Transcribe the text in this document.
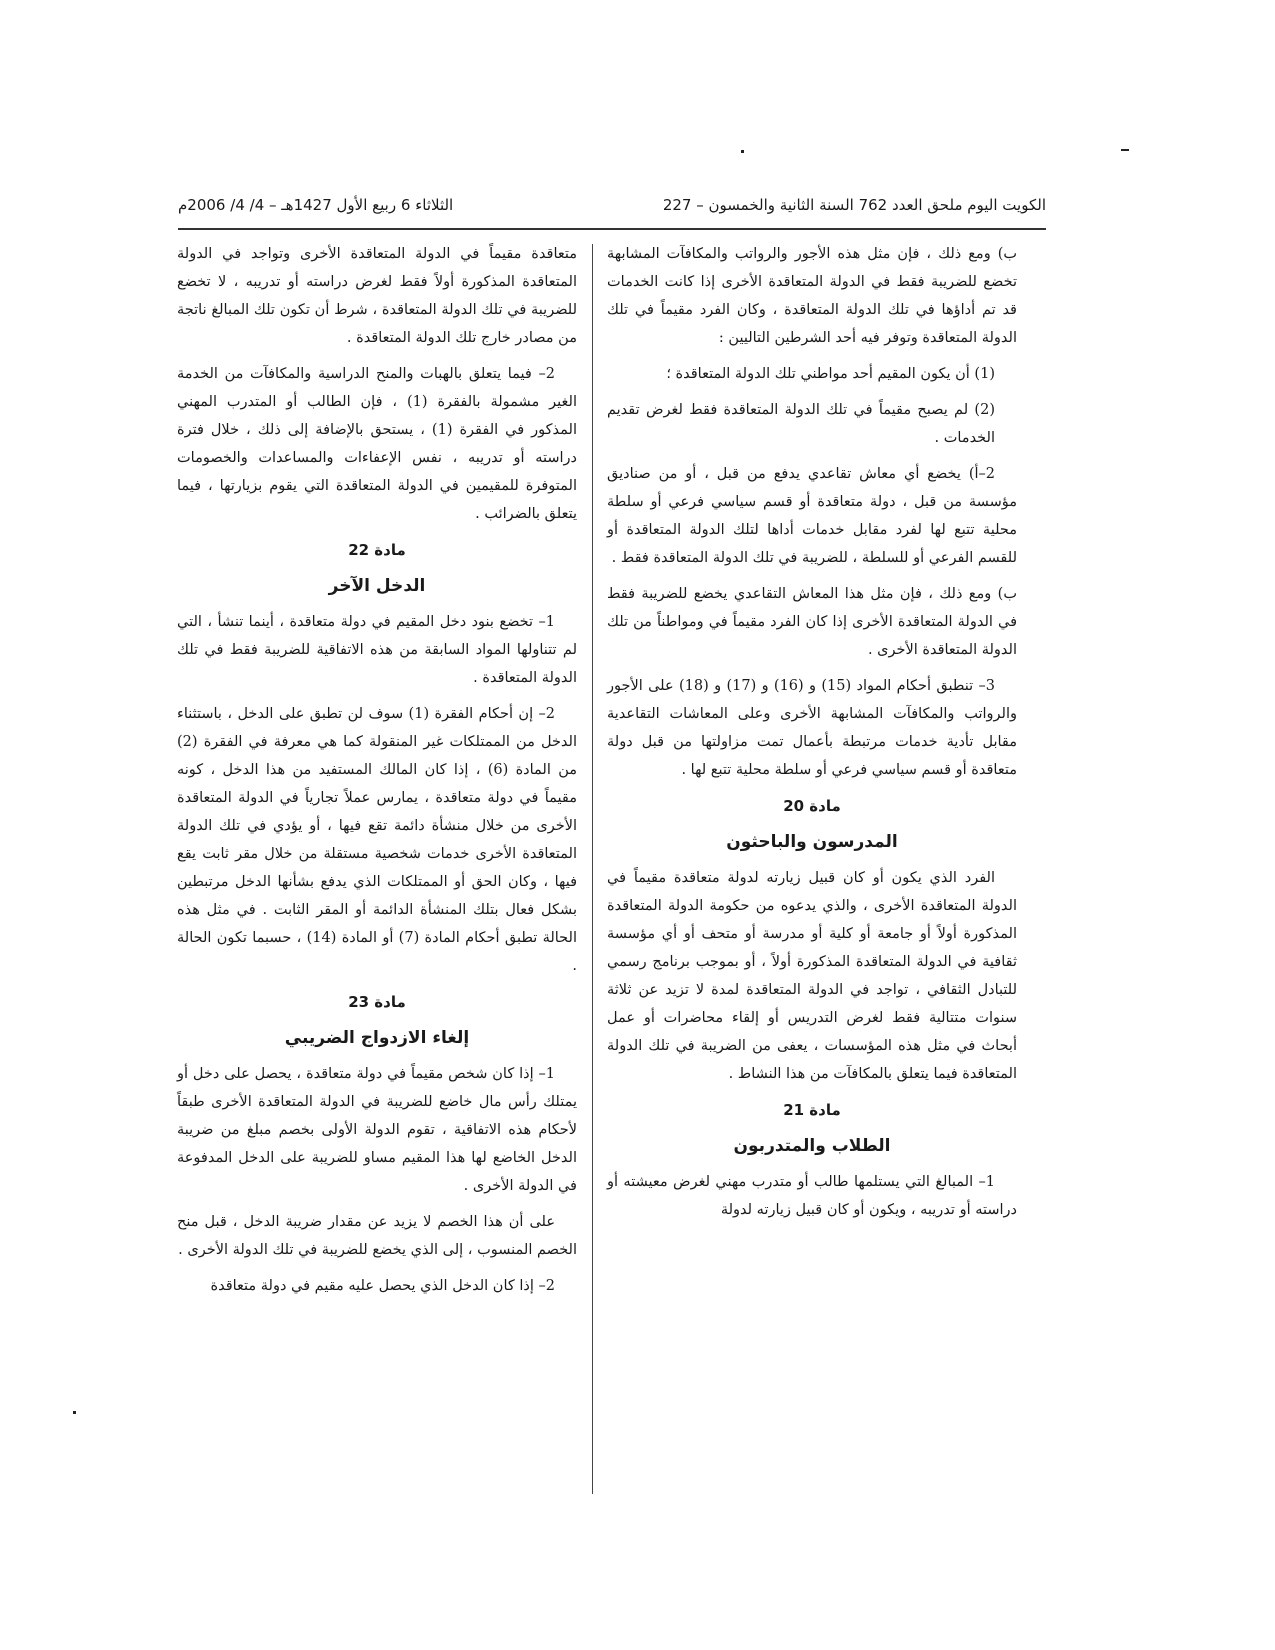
الكويت اليوم ملحق العدد 762 السنة الثانية والخمسون – 227
الثلاثاء 6 ربيع الأول 1427هـ – 4/ 4/ 2006م

ب) ومع ذلك ، فإن مثل هذه الأجور والرواتب والمكافآت المشابهة تخضع للضريبة فقط في الدولة المتعاقدة الأخرى إذا كانت الخدمات قد تم أداؤها في تلك الدولة المتعاقدة ، وكان الفرد مقيماً في تلك الدولة المتعاقدة وتوفر فيه أحد الشرطين التاليين :

(1) أن يكون المقيم أحد مواطني تلك الدولة المتعاقدة ؛

(2) لم يصبح مقيماً في تلك الدولة المتعاقدة فقط لغرض تقديم الخدمات .

2–أ) يخضع أي معاش تقاعدي يدفع من قبل ، أو من صناديق مؤسسة من قبل ، دولة متعاقدة أو قسم سياسي فرعي أو سلطة محلية تتبع لها لفرد مقابل خدمات أداها لتلك الدولة المتعاقدة أو للقسم الفرعي أو للسلطة ، للضريبة في تلك الدولة المتعاقدة فقط .

ب) ومع ذلك ، فإن مثل هذا المعاش التقاعدي يخضع للضريبة فقط في الدولة المتعاقدة الأخرى إذا كان الفرد مقيماً في ومواطناً من تلك الدولة المتعاقدة الأخرى .

3– تنطبق أحكام المواد (15) و (16) و (17) و (18) على الأجور والرواتب والمكافآت المشابهة الأخرى وعلى المعاشات التقاعدية مقابل تأدية خدمات مرتبطة بأعمال تمت مزاولتها من قبل دولة متعاقدة أو قسم سياسي فرعي أو سلطة محلية تتبع لها .

مادة 20

المدرسون والباحثون

الفرد الذي يكون أو كان قبيل زيارته لدولة متعاقدة مقيماً في الدولة المتعاقدة الأخرى ، والذي يدعوه من حكومة الدولة المتعاقدة المذكورة أولاً أو جامعة أو كلية أو مدرسة أو متحف أو أي مؤسسة ثقافية في الدولة المتعاقدة المذكورة أولاً ، أو بموجب برنامج رسمي للتبادل الثقافي ، تواجد في الدولة المتعاقدة لمدة لا تزيد عن ثلاثة سنوات متتالية فقط لغرض التدريس أو إلقاء محاضرات أو عمل أبحاث في مثل هذه المؤسسات ، يعفى من الضريبة في تلك الدولة المتعاقدة فيما يتعلق بالمكافآت من هذا النشاط .

مادة 21

الطلاب والمتدربون

1– المبالغ التي يستلمها طالب أو متدرب مهني لغرض معيشته أو دراسته أو تدريبه ، ويكون أو كان قبيل زيارته لدولة

متعاقدة مقيماً في الدولة المتعاقدة الأخرى وتواجد في الدولة المتعاقدة المذكورة أولاً فقط لغرض دراسته أو تدريبه ، لا تخضع للضريبة في تلك الدولة المتعاقدة ، شرط أن تكون تلك المبالغ ناتجة من مصادر خارج تلك الدولة المتعاقدة .

2– فيما يتعلق بالهبات والمنح الدراسية والمكافآت من الخدمة الغير مشمولة بالفقرة (1) ، فإن الطالب أو المتدرب المهني المذكور في الفقرة (1) ، يستحق بالإضافة إلى ذلك ، خلال فترة دراسته أو تدريبه ، نفس الإعفاءات والمساعدات والخصومات المتوفرة للمقيمين في الدولة المتعاقدة التي يقوم بزيارتها ، فيما يتعلق بالضرائب .

مادة 22

الدخل الآخر

1– تخضع بنود دخل المقيم في دولة متعاقدة ، أينما تنشأ ، التي لم تتناولها المواد السابقة من هذه الاتفاقية للضريبة فقط في تلك الدولة المتعاقدة .

2– إن أحكام الفقرة (1) سوف لن تطبق على الدخل ، باستثناء الدخل من الممتلكات غير المنقولة كما هي معرفة في الفقرة (2) من المادة (6) ، إذا كان المالك المستفيد من هذا الدخل ، كونه مقيماً في دولة متعاقدة ، يمارس عملاً تجارياً في الدولة المتعاقدة الأخرى من خلال منشأة دائمة تقع فيها ، أو يؤدي في تلك الدولة المتعاقدة الأخرى خدمات شخصية مستقلة من خلال مقر ثابت يقع فيها ، وكان الحق أو الممتلكات الذي يدفع بشأنها الدخل مرتبطين بشكل فعال بتلك المنشأة الدائمة أو المقر الثابت . في مثل هذه الحالة تطبق أحكام المادة (7) أو المادة (14) ، حسبما تكون الحالة .

مادة 23

إلغاء الازدواج الضريبي

1– إذا كان شخص مقيماً في دولة متعاقدة ، يحصل على دخل أو يمتلك رأس مال خاضع للضريبة في الدولة المتعاقدة الأخرى طبقاً لأحكام هذه الاتفاقية ، تقوم الدولة الأولى بخصم مبلغ من ضريبة الدخل الخاضع لها هذا المقيم مساو للضريبة على الدخل المدفوعة في الدولة الأخرى .

على أن هذا الخصم لا يزيد عن مقدار ضريبة الدخل ، قبل منح الخصم المنسوب ، إلى الذي يخضع للضريبة في تلك الدولة الأخرى .

2– إذا كان الدخل الذي يحصل عليه مقيم في دولة متعاقدة
